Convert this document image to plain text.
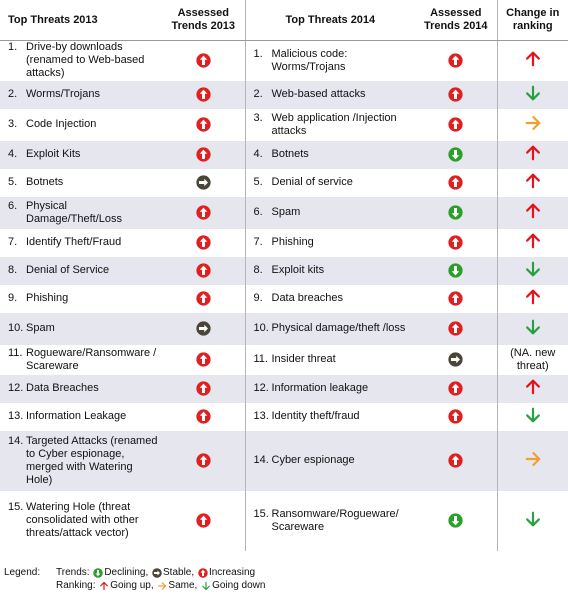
Top Threats 2013	Assessed Trends 2013	Top Threats 2014	Assessed Trends 2014	Change in ranking

1. Drive-by downloads (renamed to Web-based attacks)		1. Malicious code: Worms/Trojans

2. Worms/Trojans		2. Web-based attacks

3. Code Injection		3. Web application /Injection attacks

4. Exploit Kits		4. Botnets

5. Botnets		5. Denial of service

6. Physical Damage/Theft/Loss		6. Spam

7. Identify Theft/Fraud		7. Phishing

8. Denial of Service		8. Exploit kits

9. Phishing		9. Data breaches

10. Spam		10. Physical damage/theft /loss

11. Rogueware/Ransomware / Scareware		11. Insider threat		(NA. new threat)

12. Data Breaches		12. Information leakage

13. Information Leakage		13. Identity theft/fraud

14. Targeted Attacks (renamed to Cyber espionage, merged with Watering Hole)		14. Cyber espionage

15. Watering Hole (threat consolidated with other threats/attack vector)		15. Ransomware/Rogueware/ Scareware

Legend:	Trends:
Declining,
Stable,
Increasing
Ranking:
Going up,
Same,
Going down
